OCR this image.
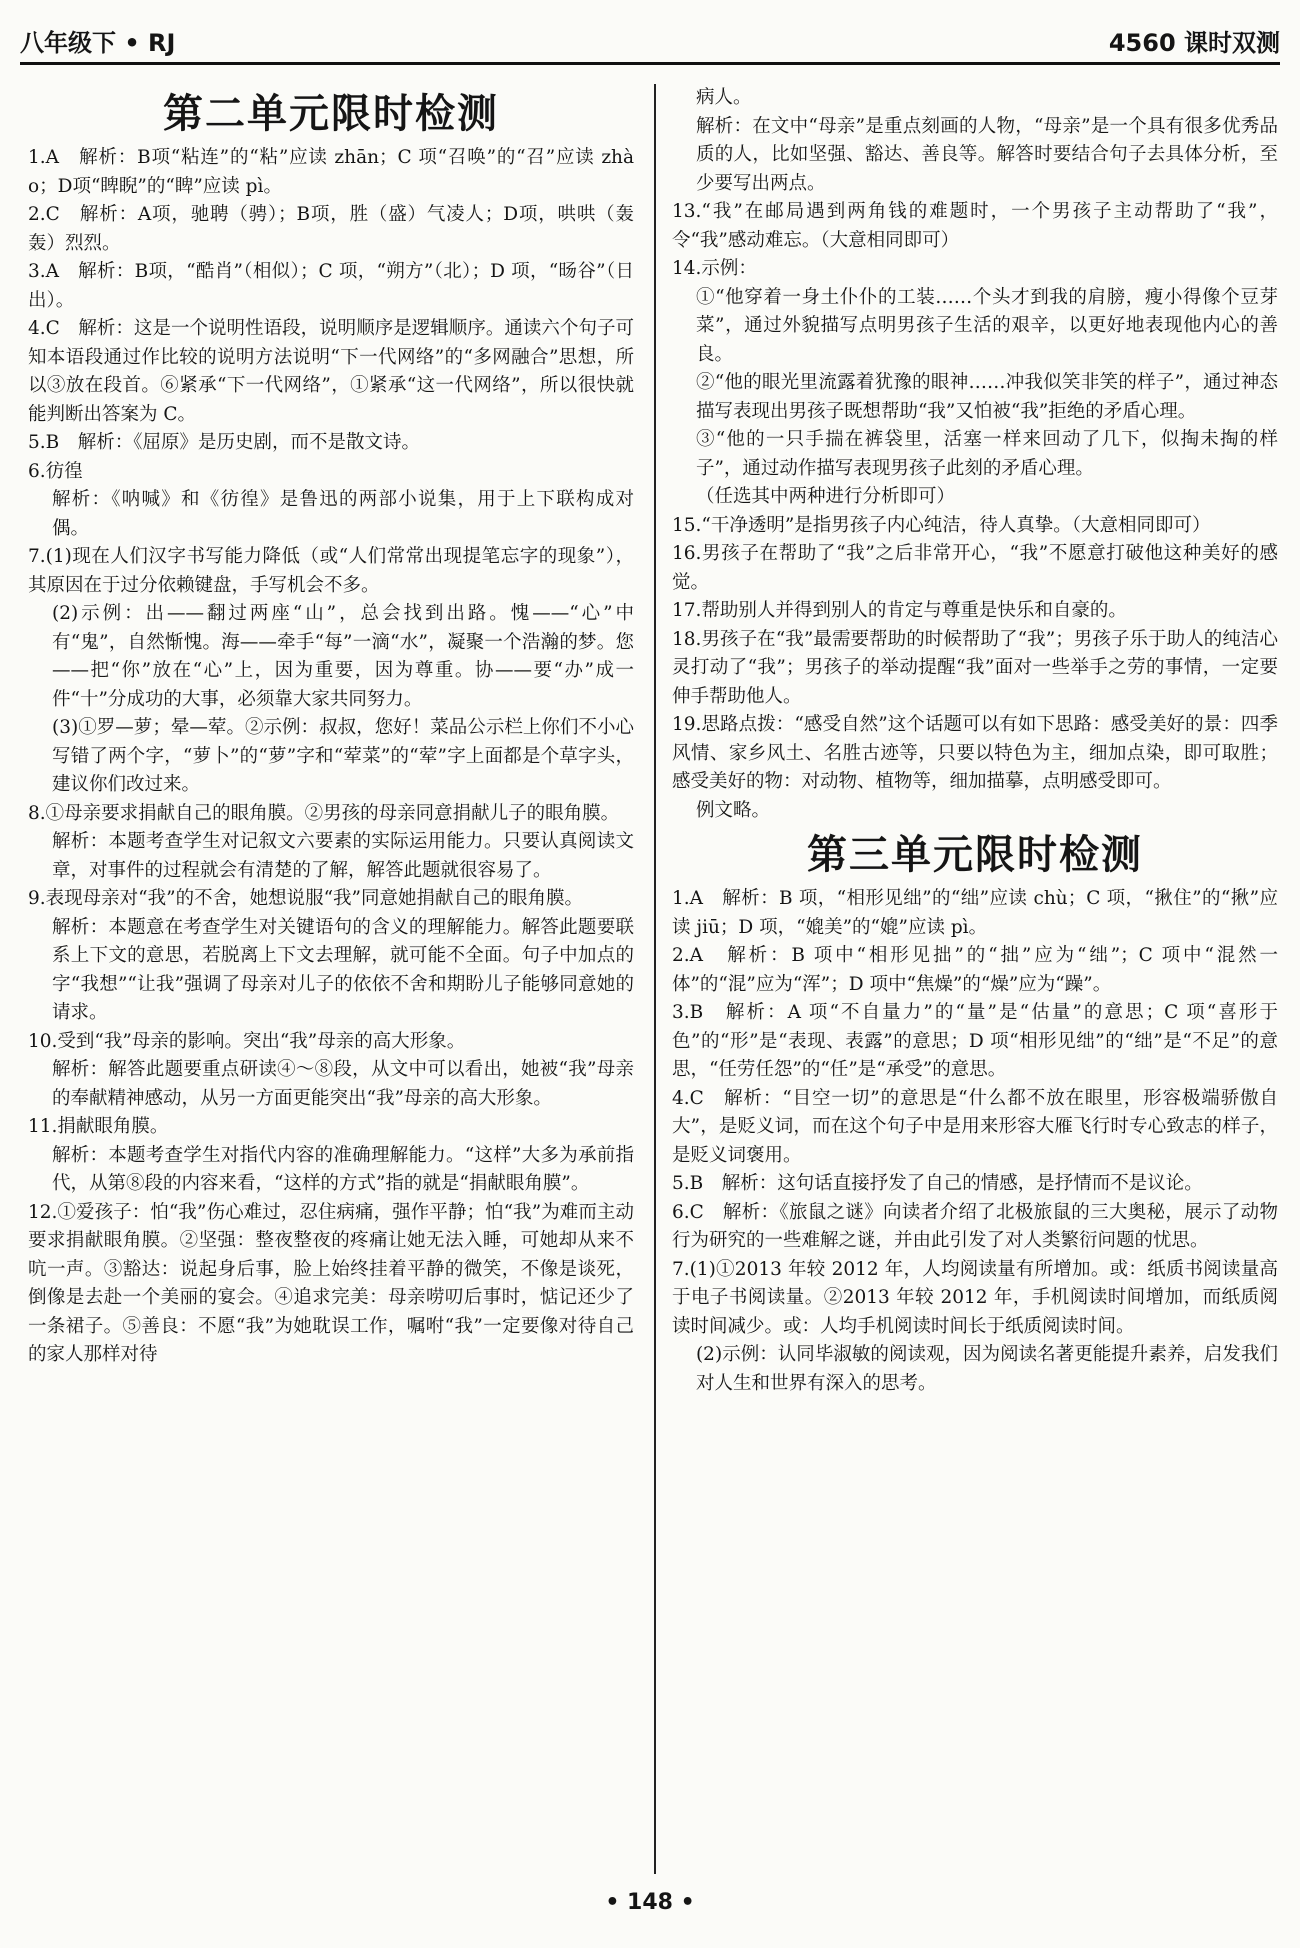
八年级下 • RJ	4560 课时双测
第二单元限时检测

1.A　解析：B项“粘连”的“粘”应读 zhān；C 项“召唤”的“召”应读 zhào；D项“睥睨”的“睥”应读 pì。

2.C　解析：A项，驰聘（骋）；B项，胜（盛）气凌人；D项，哄哄（轰轰）烈烈。

3.A　解析：B项，“酷肖”（相似）；C 项，“朔方”（北）；D 项，“旸谷”（日出）。

4.C　解析：这是一个说明性语段，说明顺序是逻辑顺序。通读六个句子可知本语段通过作比较的说明方法说明“下一代网络”的“多网融合”思想，所以③放在段首。⑥紧承“下一代网络”，①紧承“这一代网络”，所以很快就能判断出答案为 C。

5.B　解析：《屈原》是历史剧，而不是散文诗。

6.彷徨

解析：《呐喊》和《彷徨》是鲁迅的两部小说集，用于上下联构成对偶。

7.(1)现在人们汉字书写能力降低（或“人们常常出现提笔忘字的现象”），其原因在于过分依赖键盘，手写机会不多。

(2)示例：出——翻过两座“山”，总会找到出路。愧——“心”中有“鬼”，自然惭愧。海——牵手“每”一滴“水”，凝聚一个浩瀚的梦。您——把“你”放在“心”上，因为重要，因为尊重。协——要“办”成一件“十”分成功的大事，必须靠大家共同努力。

(3)①罗—萝；晕—荤。②示例：叔叔，您好！菜品公示栏上你们不小心写错了两个字，“萝卜”的“萝”字和“荤菜”的“荤”字上面都是个草字头，建议你们改过来。

8.①母亲要求捐献自己的眼角膜。②男孩的母亲同意捐献儿子的眼角膜。

解析：本题考查学生对记叙文六要素的实际运用能力。只要认真阅读文章，对事件的过程就会有清楚的了解，解答此题就很容易了。

9.表现母亲对“我”的不舍，她想说服“我”同意她捐献自己的眼角膜。

解析：本题意在考查学生对关键语句的含义的理解能力。解答此题要联系上下文的意思，若脱离上下文去理解，就可能不全面。句子中加点的字“我想”“让我”强调了母亲对儿子的依依不舍和期盼儿子能够同意她的请求。

10.受到“我”母亲的影响。突出“我”母亲的高大形象。

解析：解答此题要重点研读④～⑧段，从文中可以看出，她被“我”母亲的奉献精神感动，从另一方面更能突出“我”母亲的高大形象。

11.捐献眼角膜。

解析：本题考查学生对指代内容的准确理解能力。“这样”大多为承前指代，从第⑧段的内容来看，“这样的方式”指的就是“捐献眼角膜”。

12.①爱孩子：怕“我”伤心难过，忍住病痛，强作平静；怕“我”为难而主动要求捐献眼角膜。②坚强：整夜整夜的疼痛让她无法入睡，可她却从来不吭一声。③豁达：说起身后事，脸上始终挂着平静的微笑，不像是谈死，倒像是去赴一个美丽的宴会。④追求完美：母亲唠叨后事时，惦记还少了一条裙子。⑤善良：不愿“我”为她耽误工作，嘱咐“我”一定要像对待自己的家人那样对待

病人。

解析：在文中“母亲”是重点刻画的人物，“母亲”是一个具有很多优秀品质的人，比如坚强、豁达、善良等。解答时要结合句子去具体分析，至少要写出两点。

13.“我”在邮局遇到两角钱的难题时，一个男孩子主动帮助了“我”，令“我”感动难忘。（大意相同即可）

14.示例：

①“他穿着一身土仆仆的工装……个头才到我的肩膀，瘦小得像个豆芽菜”，通过外貌描写点明男孩子生活的艰辛，以更好地表现他内心的善良。

②“他的眼光里流露着犹豫的眼神……冲我似笑非笑的样子”，通过神态描写表现出男孩子既想帮助“我”又怕被“我”拒绝的矛盾心理。

③“他的一只手揣在裤袋里，活塞一样来回动了几下，似掏未掏的样子”，通过动作描写表现男孩子此刻的矛盾心理。

（任选其中两种进行分析即可）

15.“干净透明”是指男孩子内心纯洁，待人真挚。（大意相同即可）

16.男孩子在帮助了“我”之后非常开心，“我”不愿意打破他这种美好的感觉。

17.帮助别人并得到别人的肯定与尊重是快乐和自豪的。

18.男孩子在“我”最需要帮助的时候帮助了“我”；男孩子乐于助人的纯洁心灵打动了“我”；男孩子的举动提醒“我”面对一些举手之劳的事情，一定要伸手帮助他人。

19.思路点拨：“感受自然”这个话题可以有如下思路：感受美好的景：四季风情、家乡风土、名胜古迹等，只要以特色为主，细加点染，即可取胜；感受美好的物：对动物、植物等，细加描摹，点明感受即可。

例文略。

第三单元限时检测

1.A　解析：B 项，“相形见绌”的“绌”应读 chù；C 项，“揪住”的“揪”应读 jiū；D 项，“媲美”的“媲”应读 pì。

2.A　解析：B 项中“相形见拙”的“拙”应为“绌”；C 项中“混然一体”的“混”应为“浑”；D 项中“焦燥”的“燥”应为“躁”。

3.B　解析：A 项“不自量力”的“量”是“估量”的意思；C 项“喜形于色”的“形”是“表现、表露”的意思；D 项“相形见绌”的“绌”是“不足”的意思，“任劳任怨”的“任”是“承受”的意思。

4.C　解析：“目空一切”的意思是“什么都不放在眼里，形容极端骄傲自大”，是贬义词，而在这个句子中是用来形容大雁飞行时专心致志的样子，是贬义词褒用。

5.B　解析：这句话直接抒发了自己的情感，是抒情而不是议论。

6.C　解析：《旅鼠之谜》向读者介绍了北极旅鼠的三大奥秘，展示了动物行为研究的一些难解之谜，并由此引发了对人类繁衍问题的忧思。

7.(1)①2013 年较 2012 年，人均阅读量有所增加。或：纸质书阅读量高于电子书阅读量。②2013 年较 2012 年，手机阅读时间增加，而纸质阅读时间减少。或：人均手机阅读时间长于纸质阅读时间。

(2)示例：认同毕淑敏的阅读观，因为阅读名著更能提升素养，启发我们对人生和世界有深入的思考。

• 148 •
